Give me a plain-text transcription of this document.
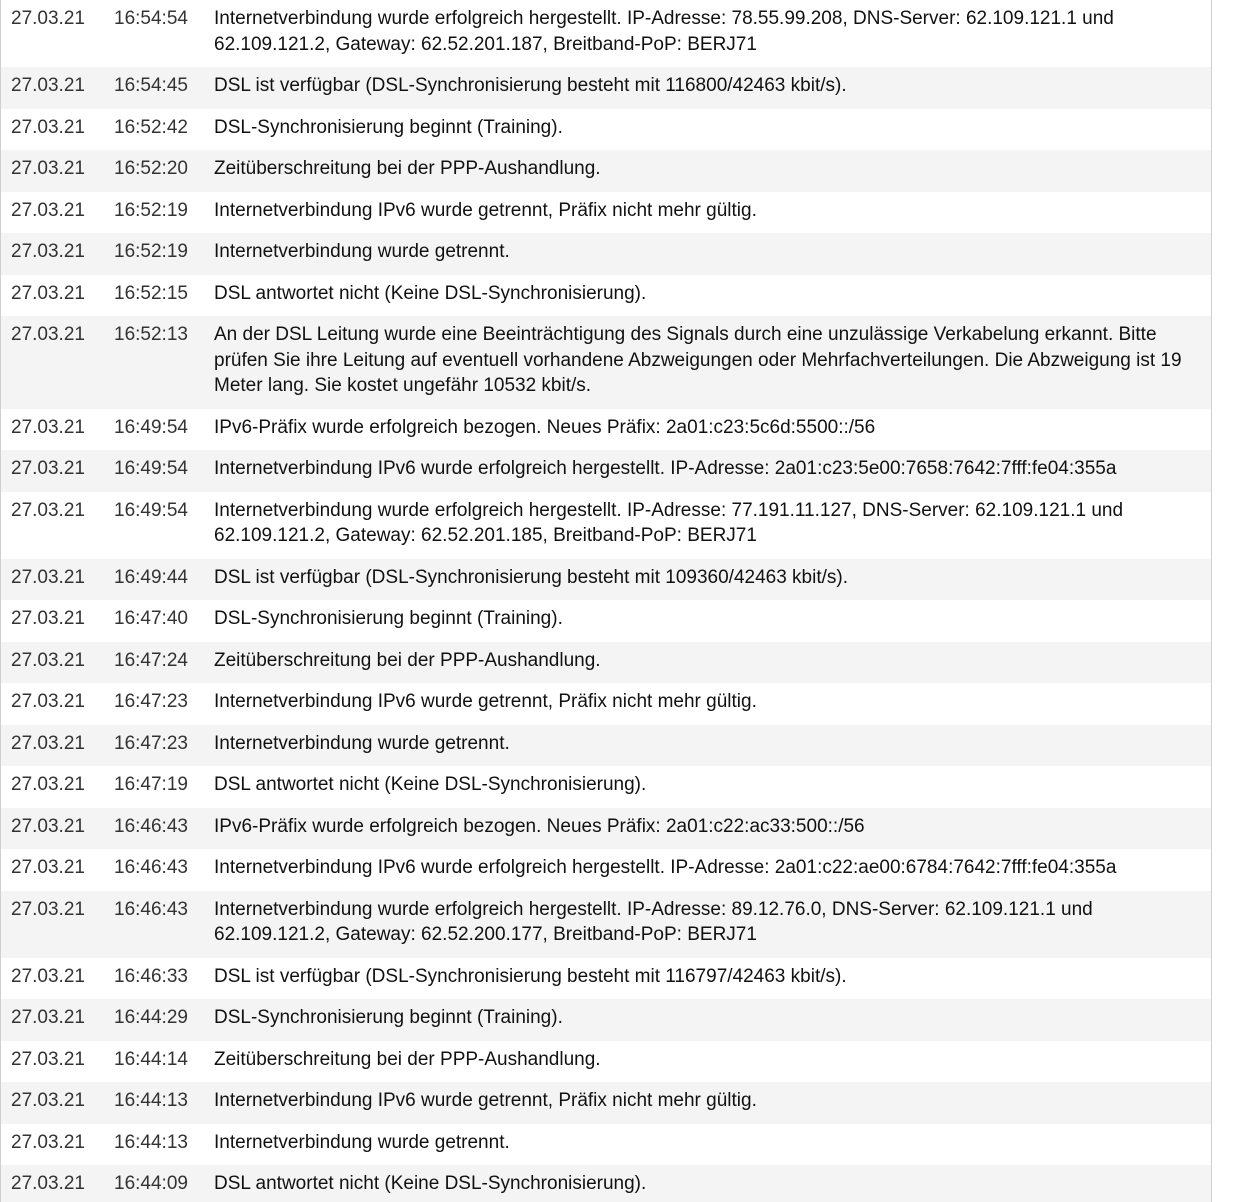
27.03.21	16:54:54	Internetverbindung wurde erfolgreich hergestellt. IP-Adresse: 78.55.99.208, DNS-Server: 62.109.121.1 und 62.109.121.2, Gateway: 62.52.201.187, Breitband-PoP: BERJ71
27.03.21	16:54:45	DSL ist verfügbar (DSL-Synchronisierung besteht mit 116800/42463 kbit/s).
27.03.21	16:52:42	DSL-Synchronisierung beginnt (Training).
27.03.21	16:52:20	Zeitüberschreitung bei der PPP-Aushandlung.
27.03.21	16:52:19	Internetverbindung IPv6 wurde getrennt, Präfix nicht mehr gültig.
27.03.21	16:52:19	Internetverbindung wurde getrennt.
27.03.21	16:52:15	DSL antwortet nicht (Keine DSL-Synchronisierung).
27.03.21	16:52:13	An der DSL Leitung wurde eine Beeinträchtigung des Signals durch eine unzulässige Verkabelung erkannt. Bitte prüfen Sie ihre Leitung auf eventuell vorhandene Abzweigungen oder Mehrfachverteilungen. Die Abzweigung ist 19 Meter lang. Sie kostet ungefähr 10532 kbit/s.
27.03.21	16:49:54	IPv6-Präfix wurde erfolgreich bezogen. Neues Präfix: 2a01:c23:5c6d:5500::/56
27.03.21	16:49:54	Internetverbindung IPv6 wurde erfolgreich hergestellt. IP-Adresse: 2a01:c23:5e00:7658:7642:7fff:fe04:355a
27.03.21	16:49:54	Internetverbindung wurde erfolgreich hergestellt. IP-Adresse: 77.191.11.127, DNS-Server: 62.109.121.1 und 62.109.121.2, Gateway: 62.52.201.185, Breitband-PoP: BERJ71
27.03.21	16:49:44	DSL ist verfügbar (DSL-Synchronisierung besteht mit 109360/42463 kbit/s).
27.03.21	16:47:40	DSL-Synchronisierung beginnt (Training).
27.03.21	16:47:24	Zeitüberschreitung bei der PPP-Aushandlung.
27.03.21	16:47:23	Internetverbindung IPv6 wurde getrennt, Präfix nicht mehr gültig.
27.03.21	16:47:23	Internetverbindung wurde getrennt.
27.03.21	16:47:19	DSL antwortet nicht (Keine DSL-Synchronisierung).
27.03.21	16:46:43	IPv6-Präfix wurde erfolgreich bezogen. Neues Präfix: 2a01:c22:ac33:500::/56
27.03.21	16:46:43	Internetverbindung IPv6 wurde erfolgreich hergestellt. IP-Adresse: 2a01:c22:ae00:6784:7642:7fff:fe04:355a
27.03.21	16:46:43	Internetverbindung wurde erfolgreich hergestellt. IP-Adresse: 89.12.76.0, DNS-Server: 62.109.121.1 und 62.109.121.2, Gateway: 62.52.200.177, Breitband-PoP: BERJ71
27.03.21	16:46:33	DSL ist verfügbar (DSL-Synchronisierung besteht mit 116797/42463 kbit/s).
27.03.21	16:44:29	DSL-Synchronisierung beginnt (Training).
27.03.21	16:44:14	Zeitüberschreitung bei der PPP-Aushandlung.
27.03.21	16:44:13	Internetverbindung IPv6 wurde getrennt, Präfix nicht mehr gültig.
27.03.21	16:44:13	Internetverbindung wurde getrennt.
27.03.21	16:44:09	DSL antwortet nicht (Keine DSL-Synchronisierung).
